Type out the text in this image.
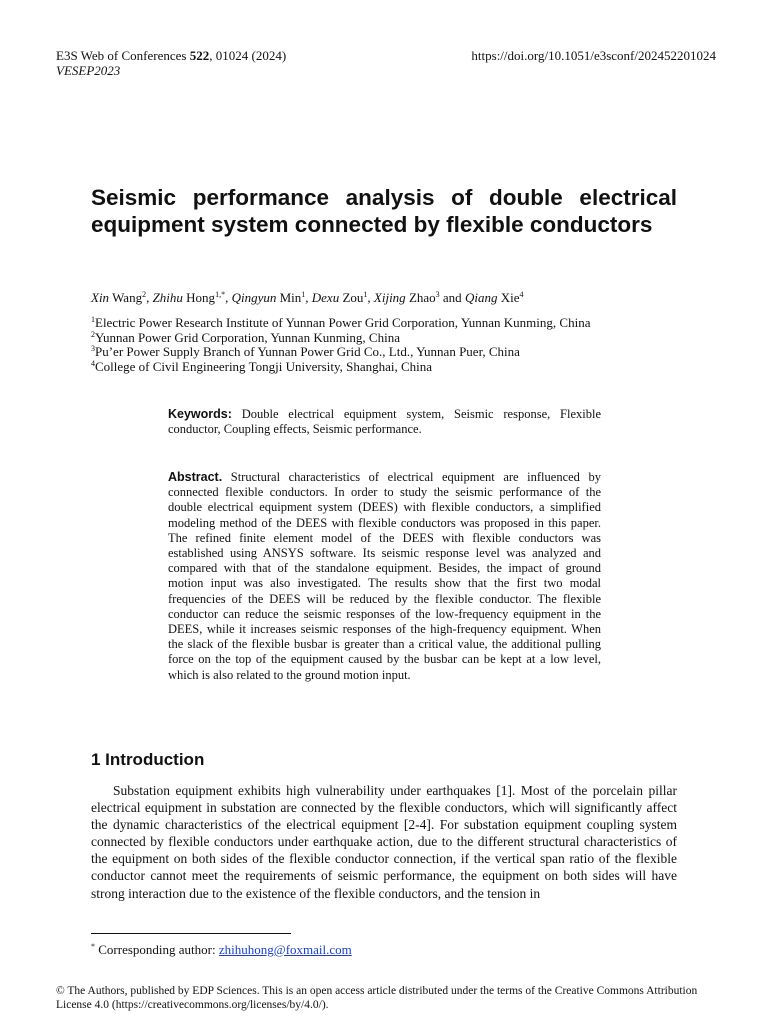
E3S Web of Conferences 522, 01024 (2024)
VESEP2023
https://doi.org/10.1051/e3sconf/202452201024
Seismic performance analysis of double electrical equipment system connected by flexible conductors
Xin Wang$^2$, Zhihu Hong$^{1,*}$, Qingyun Min$^1$, Dexu Zou$^1$, Xijing Zhao$^3$ and Qiang Xie$^4$
$^1$Electric Power Research Institute of Yunnan Power Grid Corporation, Yunnan Kunming, China
$^2$Yunnan Power Grid Corporation, Yunnan Kunming, China
$^3$Pu’er Power Supply Branch of Yunnan Power Grid Co., Ltd., Yunnan Puer, China
$^4$College of Civil Engineering Tongji University, Shanghai, China

Keywords: Double electrical equipment system, Seismic response, Flexible conductor, Coupling effects, Seismic performance.

Abstract. Structural characteristics of electrical equipment are influenced by connected flexible conductors. In order to study the seismic performance of the double electrical equipment system (DEES) with flexible conductors, a simplified modeling method of the DEES with flexible conductors was proposed in this paper. The refined finite element model of the DEES with flexible conductors was established using ANSYS software. Its seismic response level was analyzed and compared with that of the standalone equipment. Besides, the impact of ground motion input was also investigated. The results show that the first two modal frequencies of the DEES will be reduced by the flexible conductor. The flexible conductor can reduce the seismic responses of the low-frequency equipment in the DEES, while it increases seismic responses of the high-frequency equipment. When the slack of the flexible busbar is greater than a critical value, the additional pulling force on the top of the equipment caused by the busbar can be kept at a low level, which is also related to the ground motion input.

1 Introduction

Substation equipment exhibits high vulnerability under earthquakes [1]. Most of the porcelain pillar electrical equipment in substation are connected by the flexible conductors, which will significantly affect the dynamic characteristics of the electrical equipment [2-4]. For substation equipment coupling system connected by flexible conductors under earthquake action, due to the different structural characteristics of the equipment on both sides of the flexible conductor connection, if the vertical span ratio of the flexible conductor cannot meet the requirements of seismic performance, the equipment on both sides will have strong interaction due to the existence of the flexible conductors, and the tension in

* Corresponding author: zhihuhong@foxmail.com
© The Authors, published by EDP Sciences. This is an open access article distributed under the terms of the Creative Commons Attribution License 4.0 (https://creativecommons.org/licenses/by/4.0/).
